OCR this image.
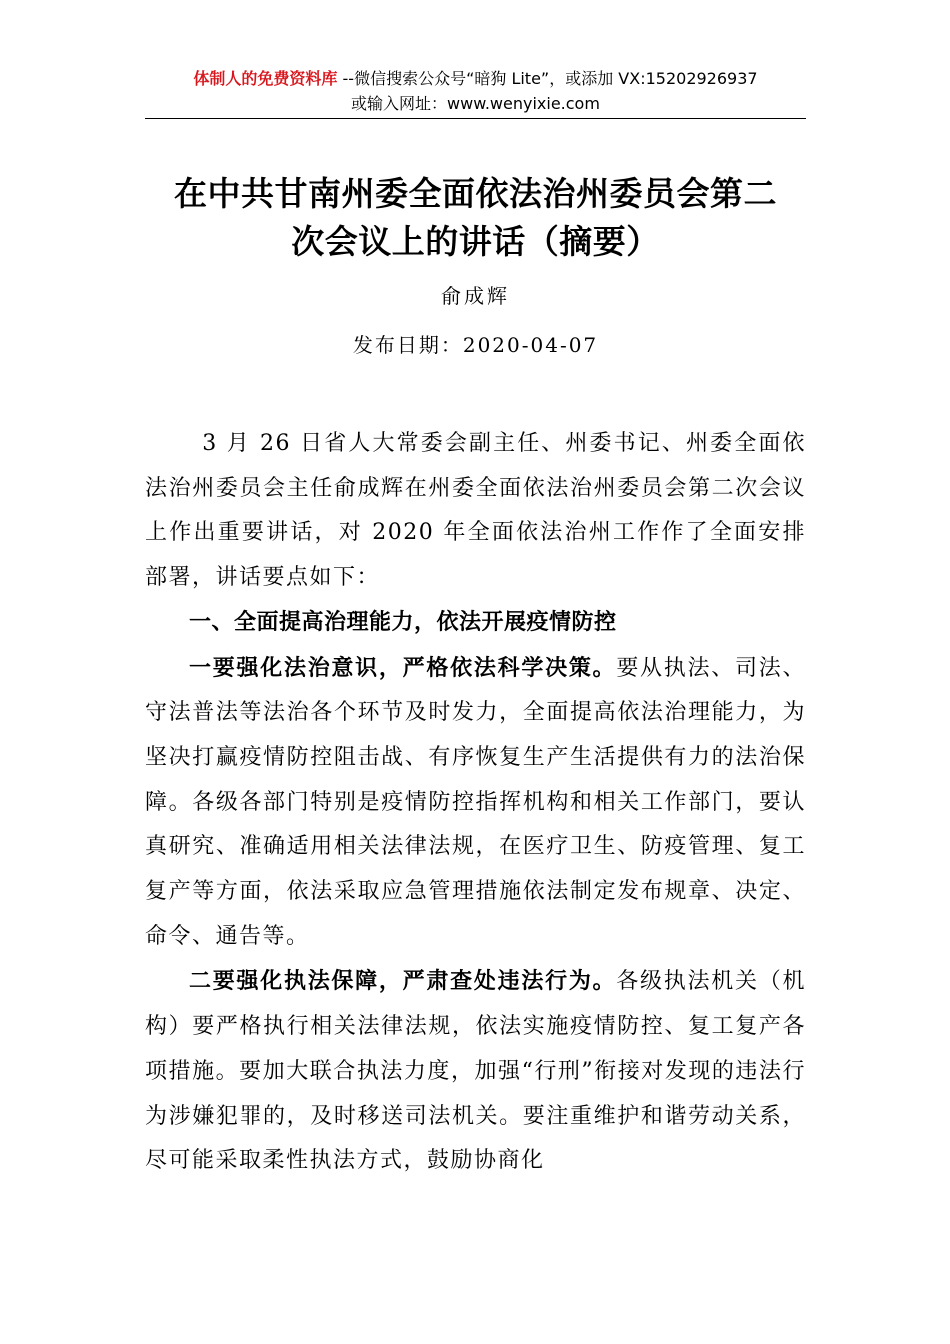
体制人的免费资料库 --微信搜索公众号“暗狗 Lite”，或添加 VX:15202926937
或输入网址：www.wenyixie.com
在中共甘南州委全面依法治州委员会第二
次会议上的讲话（摘要）
俞成辉
发布日期：2020-04-07

3 月 26 日省人大常委会副主任、州委书记、州委全面依法治州委员会主任俞成辉在州委全面依法治州委员会第二次会议上作出重要讲话，对 2020 年全面依法治州工作作了全面安排部署，讲话要点如下：

一、全面提高治理能力，依法开展疫情防控

一要强化法治意识，严格依法科学决策。要从执法、司法、守法普法等法治各个环节及时发力，全面提高依法治理能力，为坚决打赢疫情防控阻击战、有序恢复生产生活提供有力的法治保障。各级各部门特别是疫情防控指挥机构和相关工作部门，要认真研究、准确适用相关法律法规，在医疗卫生、防疫管理、复工复产等方面，依法采取应急管理措施依法制定发布规章、决定、命令、通告等。

二要强化执法保障，严肃查处违法行为。各级执法机关（机构）要严格执行相关法律法规，依法实施疫情防控、复工复产各项措施。要加大联合执法力度，加强“行刑”衔接对发现的违法行为涉嫌犯罪的，及时移送司法机关。要注重维护和谐劳动关系，尽可能采取柔性执法方式，鼓励协商化
